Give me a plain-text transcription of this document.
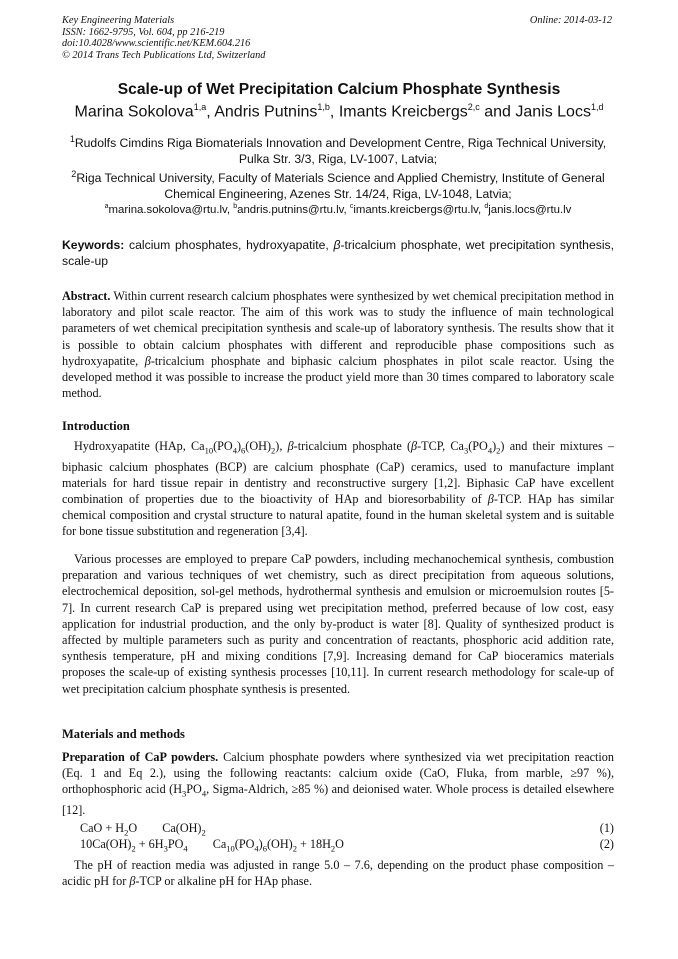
Key Engineering Materials
ISSN: 1662-9795, Vol. 604, pp 216-219
doi:10.4028/www.scientific.net/KEM.604.216
© 2014 Trans Tech Publications Ltd, Switzerland
Online: 2014-03-12
Scale-up of Wet Precipitation Calcium Phosphate Synthesis
Marina Sokolova$^{1,a}$, Andris Putnins$^{1,b}$, Imants Kreicbergs$^{2,c}$ and Janis Locs$^{1,d}$
$^1$Rudolfs Cimdins Riga Biomaterials Innovation and Development Centre, Riga Technical University, Pulka Str. 3/3, Riga, LV-1007, Latvia;
$^2$Riga Technical University, Faculty of Materials Science and Applied Chemistry, Institute of General Chemical Engineering, Azenes Str. 14/24, Riga, LV-1048, Latvia;
$^a$marina.sokolova@rtu.lv, $^b$andris.putnins@rtu.lv, $^c$imants.kreicbergs@rtu.lv, $^d$janis.locs@rtu.lv
Keywords: calcium phosphates, hydroxyapatite, β-tricalcium phosphate, wet precipitation synthesis, scale-up
Abstract. Within current research calcium phosphates were synthesized by wet chemical precipitation method in laboratory and pilot scale reactor. The aim of this work was to study the influence of main technological parameters of wet chemical precipitation synthesis and scale-up of laboratory synthesis. The results show that it is possible to obtain calcium phosphates with different and reproducible phase compositions such as hydroxyapatite, β-tricalcium phosphate and biphasic calcium phosphates in pilot scale reactor. Using the developed method it was possible to increase the product yield more than 30 times compared to laboratory scale method.
Introduction
Hydroxyapatite (HAp, $Ca_{10}(PO_4)_6(OH)_2$), β-tricalcium phosphate (β-TCP, $Ca_3(PO_4)_2$) and their mixtures – biphasic calcium phosphates (BCP) are calcium phosphate (CaP) ceramics, used to manufacture implant materials for hard tissue repair in dentistry and reconstructive surgery [1,2]. Biphasic CaP have excellent combination of properties due to the bioactivity of HAp and bioresorbability of β-TCP. HAp has similar chemical composition and crystal structure to natural apatite, found in the human skeletal system and is suitable for bone tissue substitution and regeneration [3,4].
Various processes are employed to prepare CaP powders, including mechanochemical synthesis, combustion preparation and various techniques of wet chemistry, such as direct precipitation from aqueous solutions, electrochemical deposition, sol-gel methods, hydrothermal synthesis and emulsion or microemulsion routes [5-7]. In current research CaP is prepared using wet precipitation method, preferred because of low cost, easy application for industrial production, and the only by-product is water [8]. Quality of synthesized product is affected by multiple parameters such as purity and concentration of reactants, phosphoric acid addition rate, synthesis temperature, pH and mixing conditions [7,9]. Increasing demand for CaP bioceramics materials proposes the scale-up of existing synthesis processes [10,11]. In current research methodology for scale-up of wet precipitation calcium phosphate synthesis is presented.
Materials and methods
Preparation of CaP powders. Calcium phosphate powders where synthesized via wet precipitation reaction (Eq. 1 and Eq 2.), using the following reactants: calcium oxide (CaO, Fluka, from marble, ≥97 %), orthophosphoric acid ($H_3PO_4$, Sigma-Aldrich, ≥85 %) and deionised water. Whole process is detailed elsewhere [12].
CaO + $H_2O$ $Ca(OH)_2$	(1)
$10Ca(OH)_2 + 6H_3PO_4$ $Ca_{10}(PO_4)_6(OH)_2 + 18H_2O$	(2)
The pH of reaction media was adjusted in range 5.0 – 7.6, depending on the product phase composition – acidic pH for β-TCP or alkaline pH for HAp phase.
